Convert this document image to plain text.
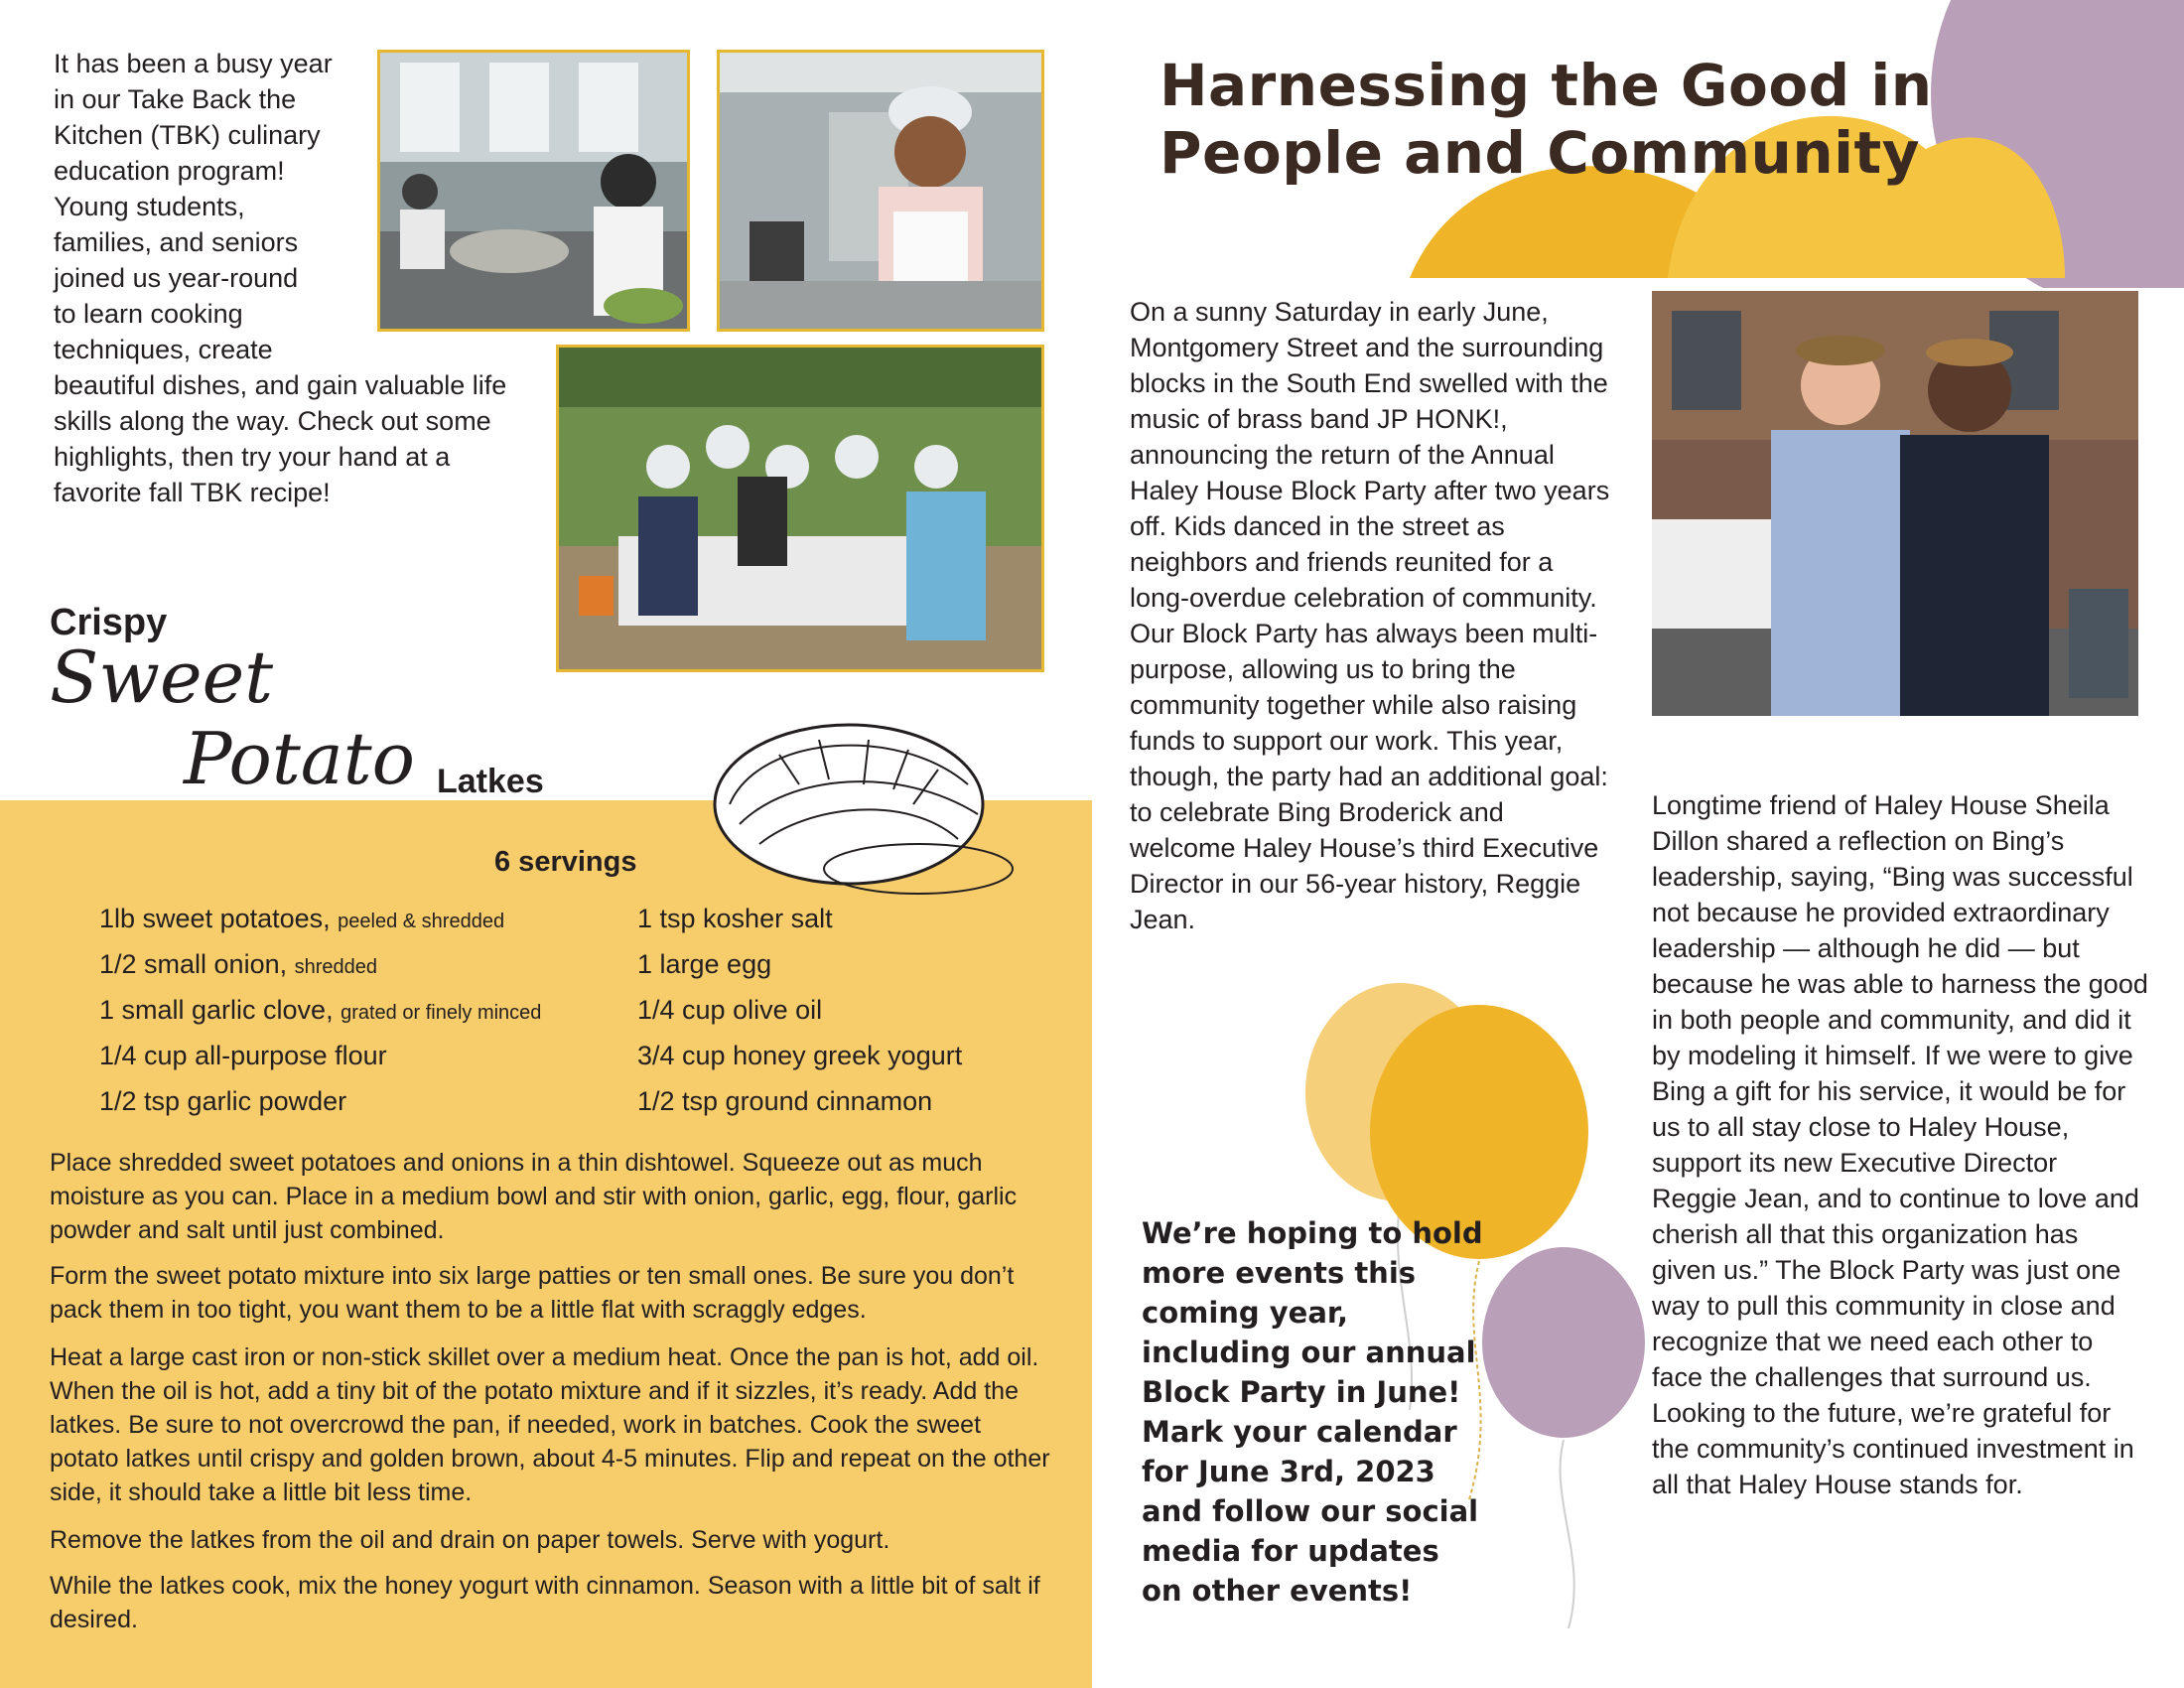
It has been a busy year
in our Take Back the
Kitchen (TBK) culinary
education program!
Young students,
families, and seniors
joined us year-round
to learn cooking
techniques, create
beautiful dishes, and gain valuable life
skills along the way. Check out some
highlights, then try your hand at a
favorite fall TBK recipe!
Crispy
Sweet
Potato Latkes
6 servings
1lb sweet potatoes, peeled & shredded
1/2 small onion, shredded
1 small garlic clove, grated or finely minced
1/4 cup all-purpose flour
1/2 tsp garlic powder
1 tsp kosher salt
1 large egg
1/4 cup olive oil
3/4 cup honey greek yogurt
1/2 tsp ground cinnamon

Place shredded sweet potatoes and onions in a thin dishtowel. Squeeze out as much moisture as you can. Place in a medium bowl and stir with onion, garlic, egg, flour, garlic powder and salt until just combined.

Form the sweet potato mixture into six large patties or ten small ones. Be sure you don’t pack them in too tight, you want them to be a little flat with scraggly edges.

Heat a large cast iron or non-stick skillet over a medium heat. Once the pan is hot, add oil. When the oil is hot, add a tiny bit of the potato mixture and if it sizzles, it’s ready. Add the latkes. Be sure to not overcrowd the pan, if needed, work in batches. Cook the sweet potato latkes until crispy and golden brown, about 4-5 minutes. Flip and repeat on the other side, it should take a little bit less time.

Remove the latkes from the oil and drain on paper towels. Serve with yogurt.

While the latkes cook, mix the honey yogurt with cinnamon. Season with a little bit of salt if desired.

Harnessing the Good in
People and Community

On a sunny Saturday in early June, Montgomery Street and the surrounding blocks in the South End swelled with the music of brass band JP HONK!, announcing the return of the Annual Haley House Block Party after two years off. Kids danced in the street as neighbors and friends reunited for a long-overdue celebration of community. Our Block Party has always been multi-purpose, allowing us to bring the community together while also raising funds to support our work. This year, though, the party had an additional goal: to celebrate Bing Broderick and welcome Haley House’s third Executive Director in our 56-year history, Reggie Jean.

Longtime friend of Haley House Sheila Dillon shared a reflection on Bing’s leadership, saying, “Bing was successful not because he provided extraordinary leadership — although he did — but because he was able to harness the good in both people and community, and did it by modeling it himself. If we were to give Bing a gift for his service, it would be for us to all stay close to Haley House, support its new Executive Director Reggie Jean, and to continue to love and cherish all that this organization has given us.” The Block Party was just one way to pull this community in close and recognize that we need each other to face the challenges that surround us. Looking to the future, we’re grateful for the community’s continued investment in all that Haley House stands for.

We’re hoping to hold more events this coming year, including our annual Block Party in June! Mark your calendar for June 3rd, 2023 and follow our social media for updates on other events!
